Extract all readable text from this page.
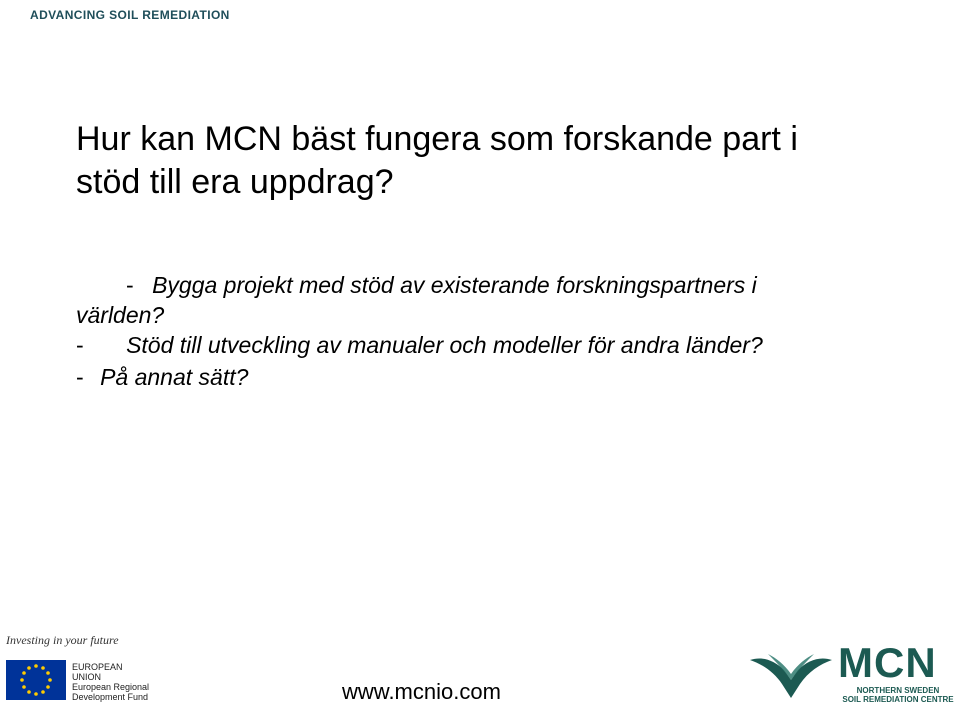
ADVANCING SOIL REMEDIATION
Hur kan MCN bäst fungera som forskande part i
stöd till era uppdrag?
- Bygga projekt med stöd av existerande forskningspartners i
världen?
- Stöd till utveckling av manualer och modeller för andra länder?
- På annat sätt?
Investing in your future
EUROPEAN
UNION
European Regional
Development Fund	www.mcnio.com
MCN
NORTHERN SWEDEN
SOIL REMEDIATION CENTRE
